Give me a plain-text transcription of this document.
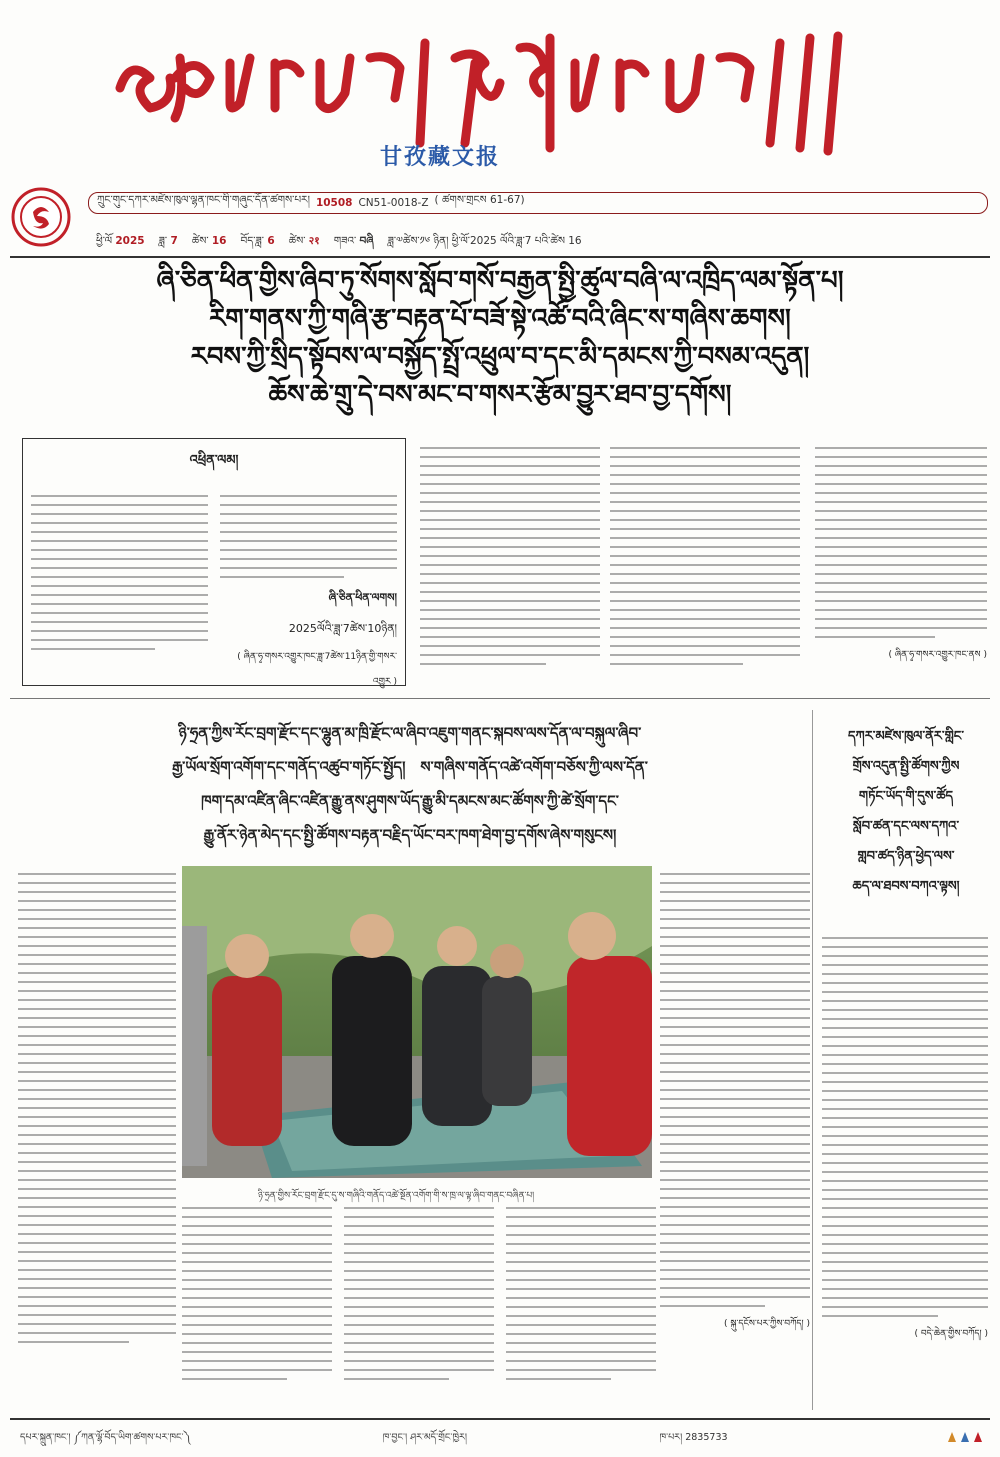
甘孜藏文报
ཀྲུང་གུང་དཀར་མཛེས་ཁུལ་ལྷན་ཁང་གི་གཞུང་དོན་ཚགས་པར། 10508 CN51-0018-Z ( ཚགས་གྲངས 61-67)
ཕྱི་ལོ 2025 ཟླ་ 7 ཚེས་ 16 བོད་ཟླ་ 6 ཚེས་ २१ གཟའ་ བཞི ཟླ་༧ཚེས་༡༦ ཉིན། ཕྱི་ལོ་2025 ལོའི་ཟླ་7 པའི་ཚེས 16
ཞི་ཅིན་ཕིན་གྱིས་ཞིབ་ཏུ་སོགས་སློབ་གསོ་བརྒྱན་སྤྱི་ཚུལ་བཞི་ལ་འཁྲིད་ལམ་སྟོན་པ།
རིག་གནས་ཀྱི་གཞི་རྩ་བརྟན་པོ་བཟོ་སྟེ་འཚོ་བའི་ཞིང་ས་གཞིས་ཆགས།
རབས་ཀྱི་སྲིད་སྟོབས་ལ་བསྐྱོད་སྤྲོ་འཕྲུལ་བ་དང་མི་དམངས་ཀྱི་བསམ་འདུན།
ཆོས་ཆེ་གྲུ་དེ་བས་མང་བ་གསར་རྩོམ་བྱུར་ཐབ་བྱ་དགོས།
འཕྲིན་ལམ།
ཞི་ཅིན་ཕིན་ལགས།
2025ལོའི་ཟླ་7ཚེས་10ཉིན།
( ཞིན་ཧྭ་གསར་འགྱུར་ཁང་ཟླ་7ཚེས་11ཉིན་གྱི་གསར་འགྱུར )
( ཞིན་ཧྭ་གསར་འགྱུར་ཁང་ནས )
ཉི་ཧྲན་ཀྱིས་རོང་བྲག་རྫོང་དང་ལྷུན་མ་ཁྲི་རྫོང་ལ་ཞིབ་འཇུག་གནང་སྐབས་ལས་དོན་ལ་བསྐུལ་ཞིབ་
རྒྱ་ཡོལ་སྲོག་འགོག་དང་གནོད་འཚུབ་གཏོང་སྤྱོད།　 ས་གཞིས་གནོད་འཚེ་འགོག་བཅོས་ཀྱི་ལས་དོན་
ཁག་དམ་འཛིན་ཞིང་འཛིན་རྒྱུ་ནས་ཤུགས་ཡོད་རྒྱུ་མི་དམངས་མང་ཚོགས་ཀྱི་ཚེ་སྲོག་དང་
རྒྱུ་ནོར་ཉེན་མེད་དང་སྤྱི་ཚོགས་བརྟན་བརྗིད་ཡོང་བར་ཁག་ཐེག་བྱ་དགོས་ཞེས་གསུངས།
དཀར་མཛེས་ཁུལ་ནོར་གླིང་
གྲོས་འདུན་སྤྱི་ཚོགས་ཀྱིས
གཏོང་ཡོད་གི་དུས་ཚོད
སློབ་ཚན་དང་ལས་དཀའ་
གླབ་ཚད་ཉིན་ཕྱེད་ལས་
ཆད་ལ་ཐབས་བཀའ་ལྟས།
ཉི་ཧྲན་གྱིས་རོང་བྲག་རྫོང་དུ་ས་གཞིའི་གནོད་འཚེ་སྔོན་འགོག་གི་ས་ཁྲ་ལ་ལྟ་ཞིབ་གནང་བཞིན་པ།
( སྐུ་དངོས་པར་ཀྱིས་བཀོད། )
( བདེ་ཆེན་གྱིས་བཀོད། )
དཔར་སྐྲུན་ཁང་། ༼ཀན་ལྷོ་བོད་ཡིག་ཚགས་པར་ཁང་༽	ཁ་བྱང་། ཤར་མདོ་གྲོང་ཁྱེར།	ཁ་པར། 2835733
